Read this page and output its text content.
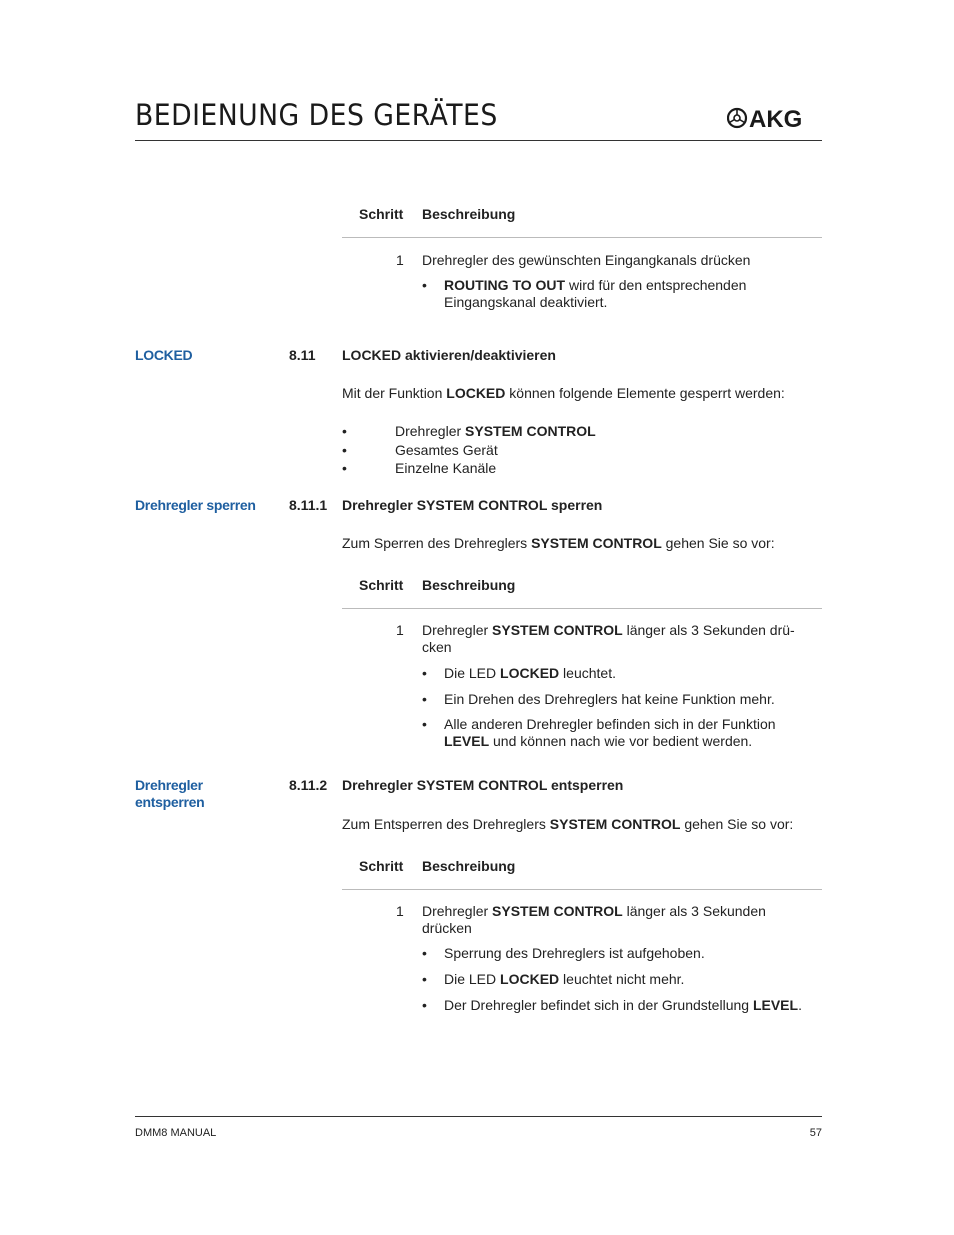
BEDIENUNG DES GERÄTES	AKG
Schritt Beschreibung
1 Drehregler des gewünschten Eingangkanals drücken
• ROUTING TO OUT wird für den entsprechenden Eingangskanal deaktiviert.
LOCKED	8.11 LOCKED aktivieren/deaktivieren
Mit der Funktion LOCKED können folgende Elemente gesperrt werden:
•	Drehregler SYSTEM CONTROL
•	Gesamtes Gerät
•	Einzelne Kanäle
Drehregler sperren 8.11.1 Drehregler SYSTEM CONTROL sperren
Zum Sperren des Drehreglers SYSTEM CONTROL gehen Sie so vor:
Schritt Beschreibung
1 Drehregler SYSTEM CONTROL länger als 3 Sekunden drü-cken
• Die LED LOCKED leuchtet.
• Ein Drehen des Drehreglers hat keine Funktion mehr.
• Alle anderen Drehregler befinden sich in der Funktion LEVEL und können nach wie vor bedient werden.
Drehregler
entsperren
8.11.2 Drehregler SYSTEM CONTROL entsperren
Zum Entsperren des Drehreglers SYSTEM CONTROL gehen Sie so vor:
Schritt Beschreibung
1 Drehregler SYSTEM CONTROL länger als 3 Sekunden drücken
• Sperrung des Drehreglers ist aufgehoben.
• Die LED LOCKED leuchtet nicht mehr.
• Der Drehregler befindet sich in der Grundstellung LEVEL.
DMM8 MANUAL	57
